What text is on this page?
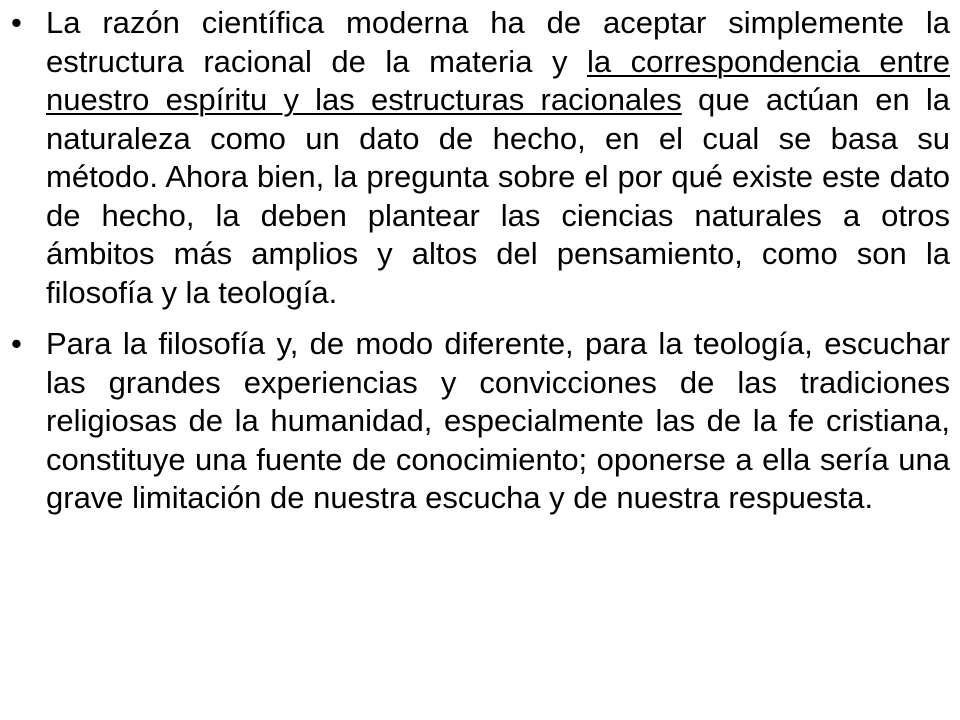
• La razón científica moderna ha de aceptar simplemente la estructura racional de la materia y la correspondencia entre nuestro espíritu y las estructuras racionales que actúan en la naturaleza como un dato de hecho, en el cual se basa su método. Ahora bien, la pregunta sobre el por qué existe este dato de hecho, la deben plantear las ciencias naturales a otros ámbitos más amplios y altos del pensamiento, como son la filosofía y la teología.
• Para la filosofía y, de modo diferente, para la teología, escuchar las grandes experiencias y convicciones de las tradiciones religiosas de la humanidad, especialmente las de la fe cristiana, constituye una fuente de conocimiento; oponerse a ella sería una grave limitación de nuestra escucha y de nuestra respuesta.
